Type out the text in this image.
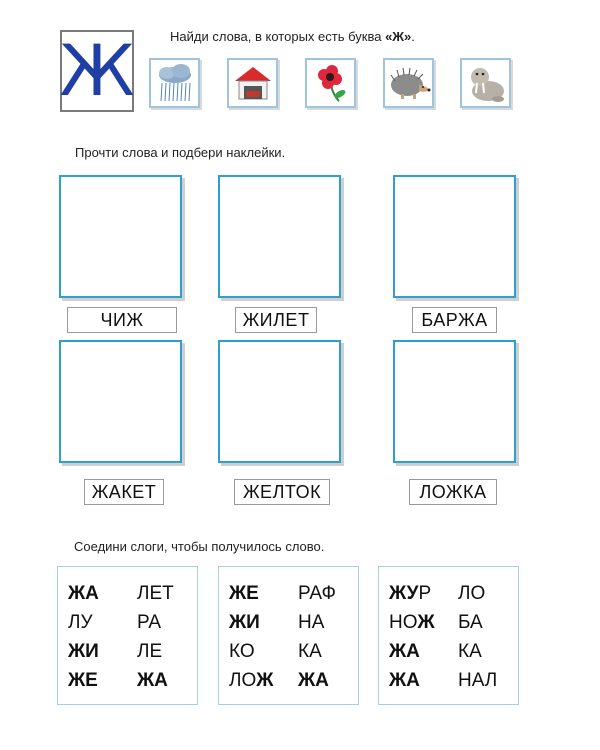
Ж	Найди слова, в которых есть буква «Ж».
Прочти слова и подбери наклейки.
ЧИЖ	ЖИЛЕТ	БАРЖА
ЖАКЕТ	ЖЕЛТОК	ЛОЖКА
Соедини слоги, чтобы получилось слово.
ЖА ЛЕТ
ЛУ РА
ЖИ ЛЕ
ЖЕ ЖА
ЖЕ РАФ
ЖИ НА
КО КА
ЛОЖ ЖА
ЖУР ЛО
НОЖ БА
ЖА КА
ЖА НАЛ
